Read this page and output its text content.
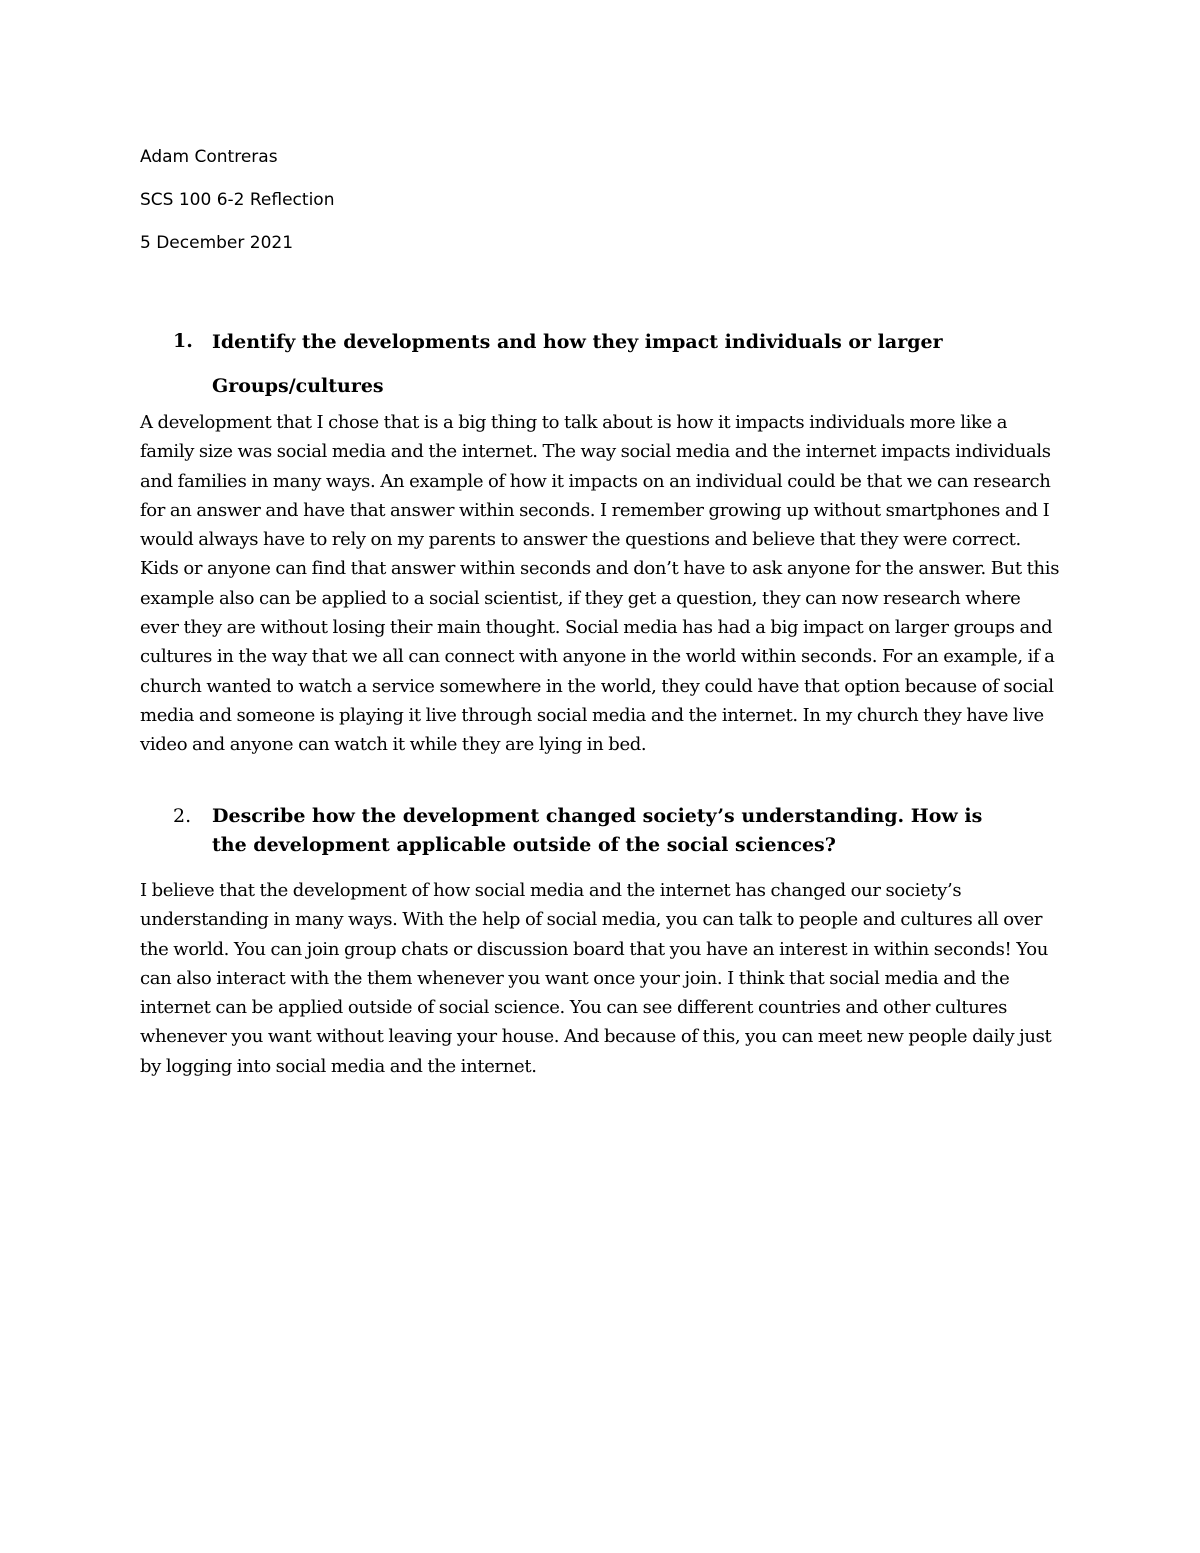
Adam Contreras
SCS 100 6-2 Reflection
5 December 2021
1. Identify the developments and how they impact individuals or larger Groups/cultures

A development that I chose that is a big thing to talk about is how it impacts individuals more like a family size was social media and the internet. The way social media and the internet impacts individuals and families in many ways. An example of how it impacts on an individual could be that we can research for an answer and have that answer within seconds. I remember growing up without smartphones and I would always have to rely on my parents to answer the questions and believe that they were correct. Kids or anyone can find that answer within seconds and don’t have to ask anyone for the answer. But this example also can be applied to a social scientist, if they get a question, they can now research where ever they are without losing their main thought. Social media has had a big impact on larger groups and cultures in the way that we all can connect with anyone in the world within seconds. For an example, if a church wanted to watch a service somewhere in the world, they could have that option because of social media and someone is playing it live through social media and the internet. In my church they have live video and anyone can watch it while they are lying in bed.

2. Describe how the development changed society’s understanding. How is the development applicable outside of the social sciences?

I believe that the development of how social media and the internet has changed our society’s understanding in many ways. With the help of social media, you can talk to people and cultures all over the world. You can join group chats or discussion board that you have an interest in within seconds! You can also interact with the them whenever you want once your join. I think that social media and the internet can be applied outside of social science. You can see different countries and other cultures whenever you want without leaving your house. And because of this, you can meet new people daily just by logging into social media and the internet.
